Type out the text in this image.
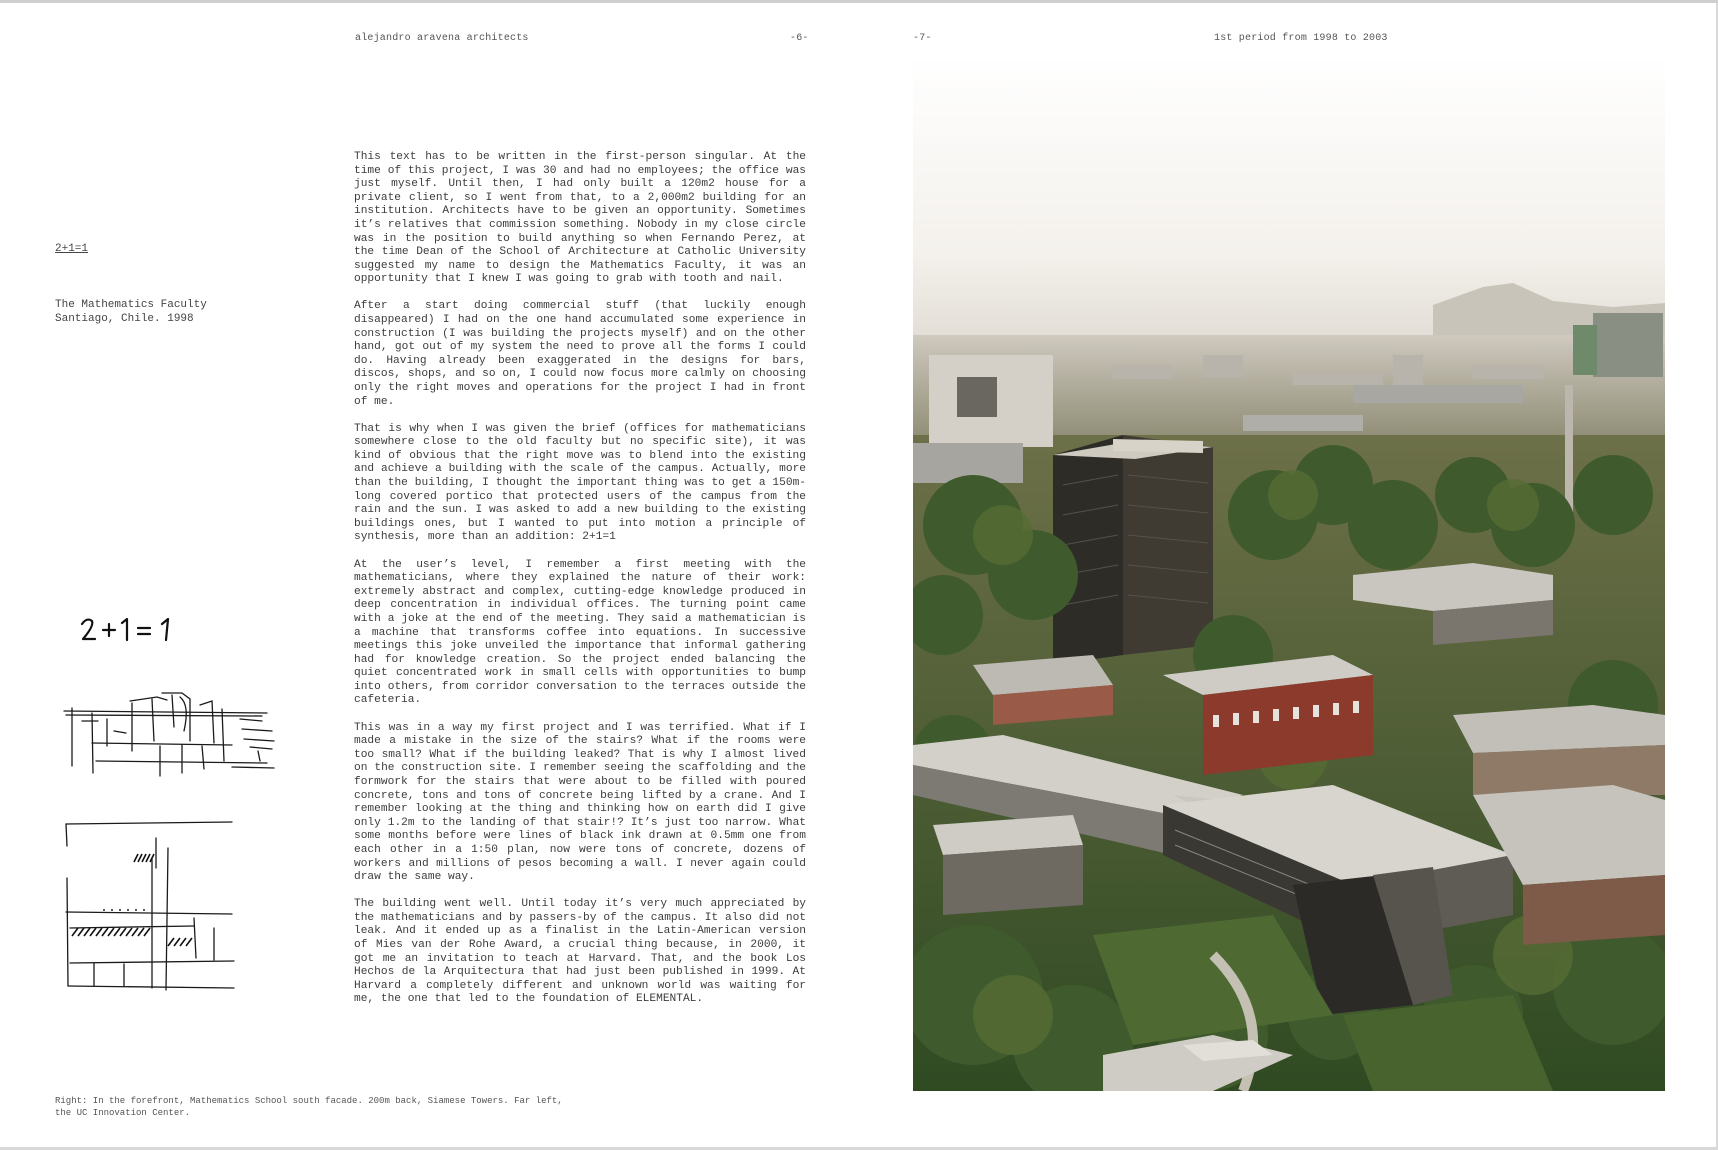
alejandro aravena architects	-6-	-7-	1st period from 1998 to 2003
2+1=1
The Mathematics Faculty
Santiago, Chile. 1998

This text has to be written in the first-person singular. At the time of this project, I was 30 and had no employees; the office was just myself. Until then, I had only built a 120m2 house for a private client, so I went from that, to a 2,000m2 building for an institution. Architects have to be given an opportunity. Sometimes it’s relatives that commission something. Nobody in my close circle was in the position to build anything so when Fernando Perez, at the time Dean of the School of Architecture at Catholic University suggested my name to design the Mathematics Faculty, it was an opportunity that I knew I was going to grab with tooth and nail.

After a start doing commercial stuff (that luckily enough disappeared) I had on the one hand accumulated some experience in construction (I was building the projects myself) and on the other hand, got out of my system the need to prove all the forms I could do. Having already been exaggerated in the designs for bars, discos, shops, and so on, I could now focus more calmly on choosing only the right moves and operations for the project I had in front of me.

That is why when I was given the brief (offices for mathematicians somewhere close to the old faculty but no specific site), it was kind of obvious that the right move was to blend into the existing and achieve a building with the scale of the campus. Actually, more than the building, I thought the important thing was to get a 150m-long covered portico that protected users of the campus from the rain and the sun. I was asked to add a new building to the existing buildings ones, but I wanted to put into motion a principle of synthesis, more than an addition: 2+1=1

At the user’s level, I remember a first meeting with the mathematicians, where they explained the nature of their work: extremely abstract and complex, cutting-edge knowledge produced in deep concentration in individual offices. The turning point came with a joke at the end of the meeting. They said a mathematician is a machine that transforms coffee into equations. In successive meetings this joke unveiled the importance that informal gathering had for knowledge creation. So the project ended balancing the quiet concentrated work in small cells with opportunities to bump into others, from corridor conversation to the terraces outside the cafeteria.

This was in a way my first project and I was terrified. What if I made a mistake in the size of the stairs? What if the rooms were too small? What if the building leaked? That is why I almost lived on the construction site. I remember seeing the scaffolding and the formwork for the stairs that were about to be filled with poured concrete, tons and tons of concrete being lifted by a crane. And I remember looking at the thing and thinking how on earth did I give only 1.2m to the landing of that stair!? It’s just too narrow. What some months before were lines of black ink drawn at 0.5mm one from each other in a 1:50 plan, now were tons of concrete, dozens of workers and millions of pesos becoming a wall. I never again could draw the same way.

The building went well. Until today it’s very much appreciated by the mathematicians and by passers-by of the campus. It also did not leak. And it ended up as a finalist in the Latin-American version of Mies van der Rohe Award, a crucial thing because, in 2000, it got me an invitation to teach at Harvard. That, and the book Los Hechos de la Arquitectura that had just been published in 1999. At Harvard a completely different and unknown world was waiting for me, the one that led to the foundation of ELEMENTAL.

Right: In the forefront, Mathematics School south facade. 200m back, Siamese Towers. Far left,
the UC Innovation Center.
